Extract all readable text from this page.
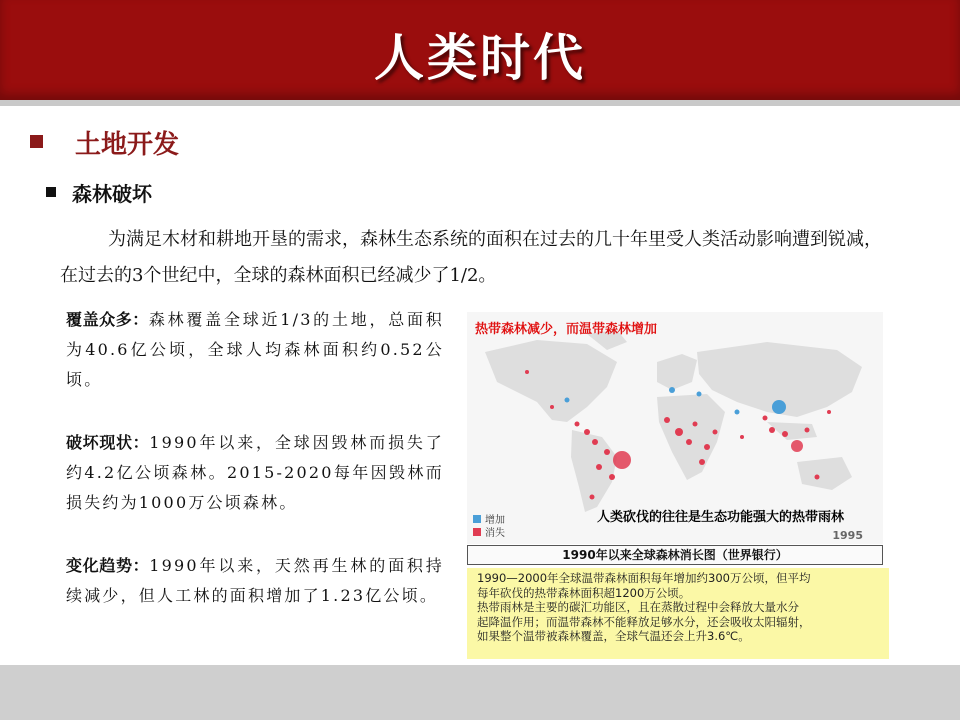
人类时代
土地开发
森林破坏
为满足木材和耕地开垦的需求，森林生态系统的面积在过去的几十年里受人类活动影响遭到锐减，在过去的3个世纪中，全球的森林面积已经减少了1/2。
覆盖众多：森林覆盖全球近1/3的土地，总面积为40.6亿公顷，全球人均森林面积约0.52公顷。
破坏现状：1990年以来，全球因毁林而损失了约4.2亿公顷森林。2015-2020每年因毁林而损失约为1000万公顷森林。
变化趋势：1990年以来，天然再生林的面积持续减少，但人工林的面积增加了1.23亿公顷。
热带森林减少，而温带森林增加
增加
消失
人类砍伐的往往是生态功能强大的热带雨林
1995
1990年以来全球森林消长图（世界银行）
1990—2000年全球温带森林面积每年增加约300万公顷，但平均
每年砍伐的热带森林面积超1200万公顷。
热带雨林是主要的碳汇功能区，且在蒸散过程中会释放大量水分
起降温作用；而温带森林不能释放足够水分，还会吸收太阳辐射，
如果整个温带被森林覆盖，全球气温还会上升3.6℃。
